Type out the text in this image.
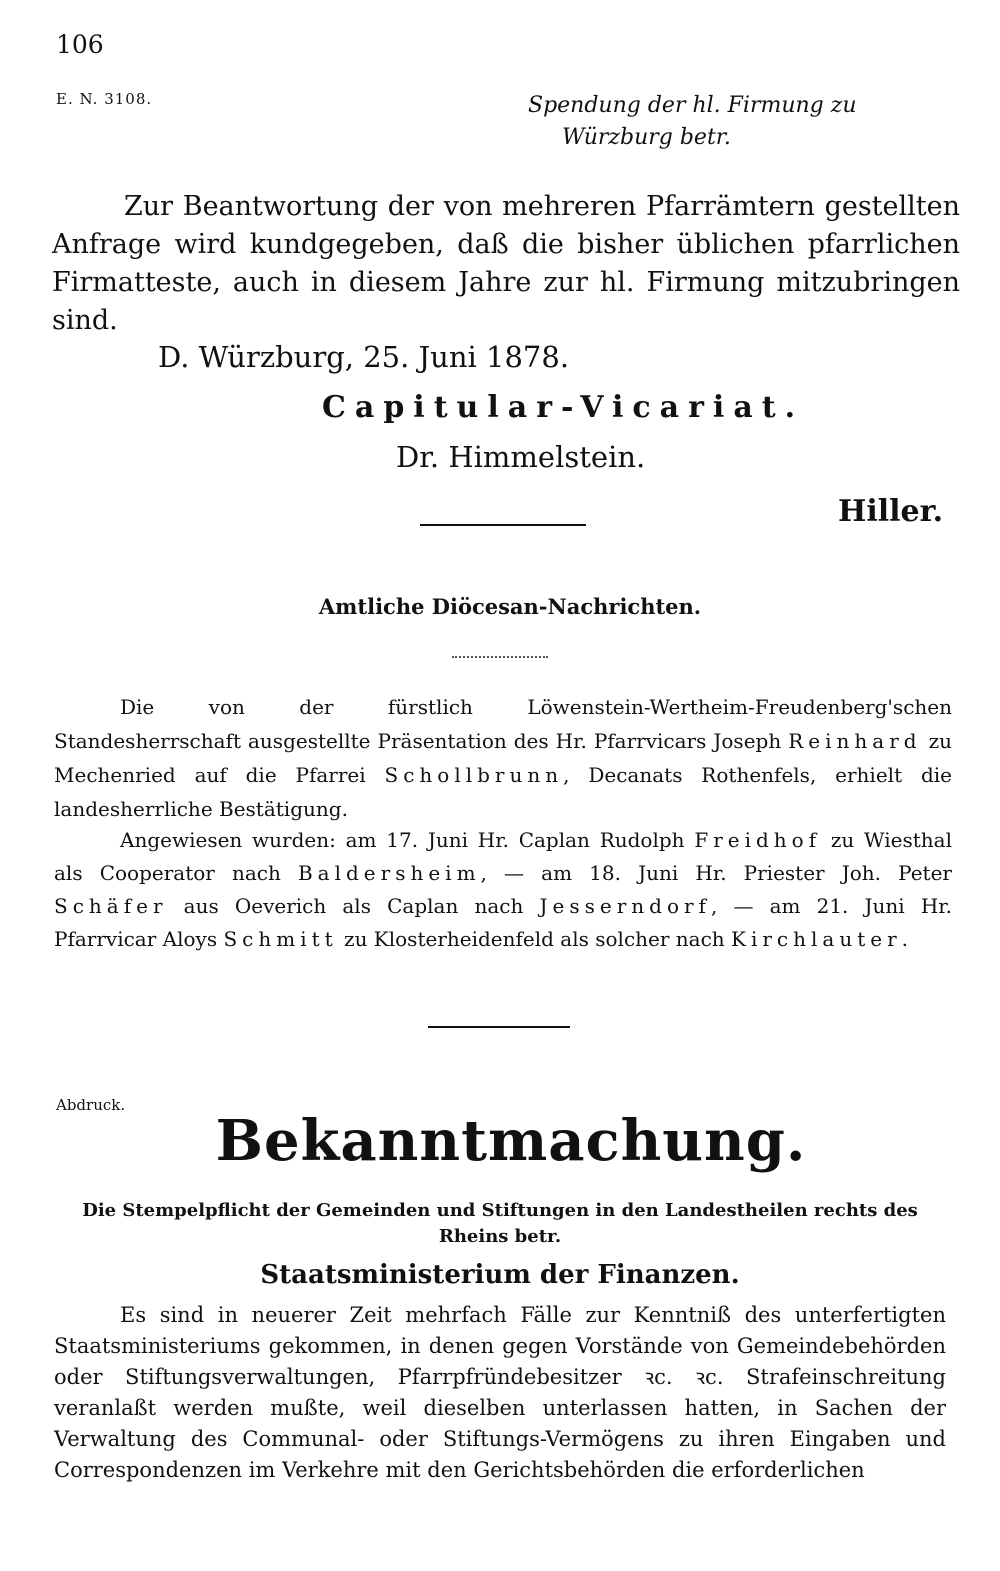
106
E. N. 3108.	Spendung der hl. Firmung zu
Würzburg betr.
Zur Beantwortung der von mehreren Pfarrämtern gestellten Anfrage wird kundgegeben, daß die bisher üblichen pfarrlichen Firmatteste, auch in diesem Jahre zur hl. Firmung mitzubringen sind.
D. Würzburg, 25. Juni 1878.
Capitular-Vicariat.
Dr. Himmelstein.
Hiller.
Amtliche Diöcesan-Nachrichten.
Die von der fürstlich Löwenstein-Wertheim-Freudenberg'schen Standesherrschaft ausgestellte Präsentation des Hr. Pfarrvicars Joseph Reinhard zu Mechenried auf die Pfarrei Schollbrunn, Decanats Rothenfels, erhielt die landesherrliche Bestätigung.
Angewiesen wurden: am 17. Juni Hr. Caplan Rudolph Freidhof zu Wiesthal als Cooperator nach Baldersheim, — am 18. Juni Hr. Priester Joh. Peter Schäfer aus Oeverich als Caplan nach Jesserndorf, — am 21. Juni Hr. Pfarrvicar Aloys Schmitt zu Klosterheidenfeld als solcher nach Kirchlauter.
Abdruck.
Bekanntmachung.
Die Stempelpflicht der Gemeinden und Stiftungen in den Landestheilen rechts des Rheins betr.
Staatsministerium der Finanzen.
Es sind in neuerer Zeit mehrfach Fälle zur Kenntniß des unterfertigten Staatsministeriums gekommen, in denen gegen Vorstände von Gemeindebehörden oder Stiftungsverwaltungen, Pfarrpfründebesitzer ꝛc. ꝛc. Strafeinschreitung veranlaßt werden mußte, weil dieselben unterlassen hatten, in Sachen der Verwaltung des Communal- oder Stiftungs-Vermögens zu ihren Eingaben und Correspondenzen im Verkehre mit den Gerichtsbehörden die erforderlichen
